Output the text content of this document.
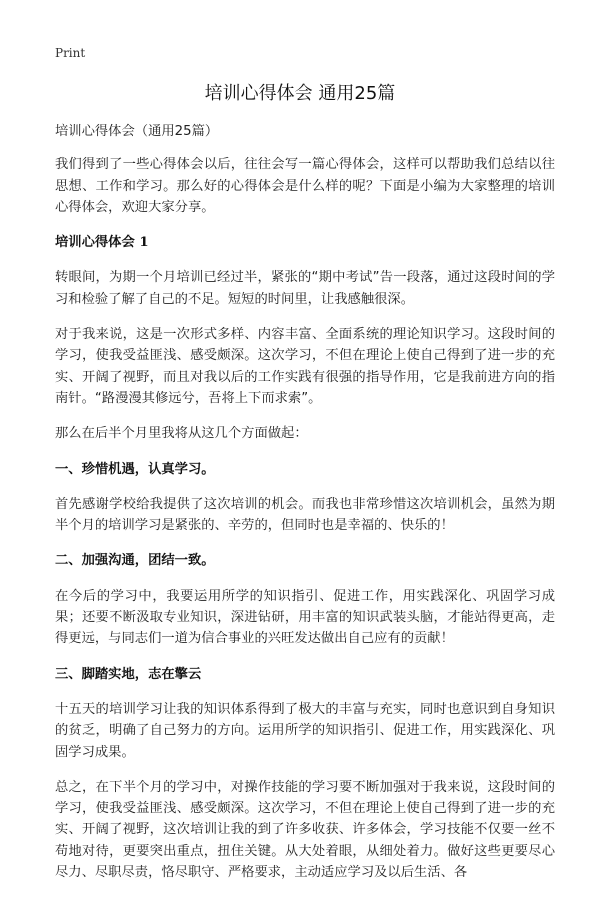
Print
培训心得体会 通用25篇

培训心得体会（通用25篇）

我们得到了一些心得体会以后，往往会写一篇心得体会，这样可以帮助我们总结以往思想、工作和学习。那么好的心得体会是什么样的呢？下面是小编为大家整理的培训心得体会，欢迎大家分享。

培训心得体会 1

转眼间，为期一个月培训已经过半，紧张的“期中考试”告一段落，通过这段时间的学习和检验了解了自己的不足。短短的时间里，让我感触很深。

对于我来说，这是一次形式多样、内容丰富、全面系统的理论知识学习。这段时间的学习，使我受益匪浅、感受颇深。这次学习，不但在理论上使自己得到了进一步的充实、开阔了视野，而且对我以后的工作实践有很强的指导作用，它是我前进方向的指南针。“路漫漫其修远兮，吾将上下而求索”。

那么在后半个月里我将从这几个方面做起：

一、珍惜机遇，认真学习。

首先感谢学校给我提供了这次培训的机会。而我也非常珍惜这次培训机会，虽然为期半个月的培训学习是紧张的、辛劳的，但同时也是幸福的、快乐的！

二、加强沟通，团结一致。

在今后的学习中，我要运用所学的知识指引、促进工作，用实践深化、巩固学习成果；还要不断汲取专业知识，深进钻研，用丰富的知识武装头脑，才能站得更高，走得更远，与同志们一道为信合事业的兴旺发达做出自己应有的贡献！

三、脚踏实地，志在擎云

十五天的培训学习让我的知识体系得到了极大的丰富与充实，同时也意识到自身知识的贫乏，明确了自己努力的方向。运用所学的知识指引、促进工作，用实践深化、巩固学习成果。

总之，在下半个月的学习中，对操作技能的学习要不断加强对于我来说，这段时间的 学习，使我受益匪浅、感受颇深。这次学习，不但在理论上使自己得到了进一步的充实、开阔了视野，这次培训让我的到了许多收获、许多体会，学习技能不仅要一丝不苟地对待，更要突出重点，扭住关键。从大处着眼，从细处着力。做好这些更要尽心尽力、尽职尽责，恪尽职守、严格要求，主动适应学习及以后生活、各
